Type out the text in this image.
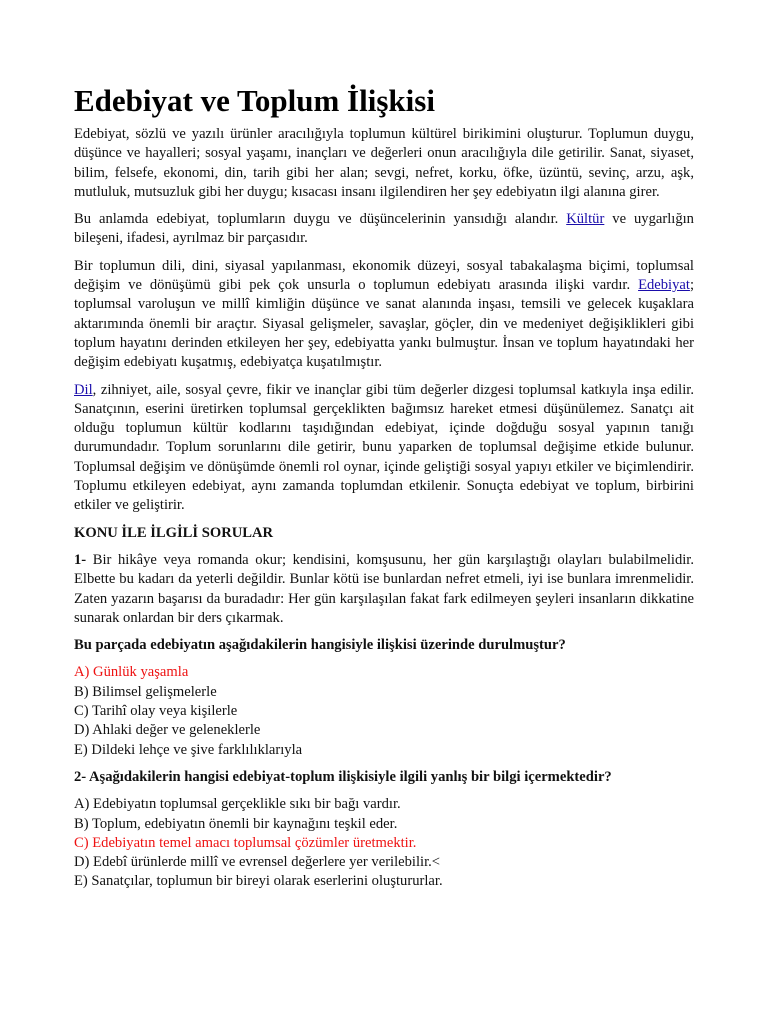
Edebiyat ve Toplum İlişkisi

Edebiyat, sözlü ve yazılı ürünler aracılığıyla toplumun kültürel birikimini oluşturur. Toplumun duygu, düşünce ve hayalleri; sosyal yaşamı, inançları ve değerleri onun aracılığıyla dile getirilir. Sanat, siyaset, bilim, felsefe, ekonomi, din, tarih gibi her alan; sevgi, nefret, korku, öfke, üzüntü, sevinç, arzu, aşk, mutluluk, mutsuzluk gibi her duygu; kısacası insanı ilgilendiren her şey edebiyatın ilgi alanına girer.

Bu anlamda edebiyat, toplumların duygu ve düşüncelerinin yansıdığı alandır. Kültür ve uygarlığın bileşeni, ifadesi, ayrılmaz bir parçasıdır.

Bir toplumun dili, dini, siyasal yapılanması, ekonomik düzeyi, sosyal tabakalaşma biçimi, toplumsal değişim ve dönüşümü gibi pek çok unsurla o toplumun edebiyatı arasında ilişki vardır. Edebiyat; toplumsal varoluşun ve millî kimliğin düşünce ve sanat alanında inşası, temsili ve gelecek kuşaklara aktarımında önemli bir araçtır. Siyasal gelişmeler, savaşlar, göçler, din ve medeniyet değişiklikleri gibi toplum hayatını derinden etkileyen her şey, edebiyatta yankı bulmuştur. İnsan ve toplum hayatındaki her değişim edebiyatı kuşatmış, edebiyatça kuşatılmıştır.

Dil, zihniyet, aile, sosyal çevre, fikir ve inançlar gibi tüm değerler dizgesi toplumsal katkıyla inşa edilir. Sanatçının, eserini üretirken toplumsal gerçeklikten bağımsız hareket etmesi düşünülemez. Sanatçı ait olduğu toplumun kültür kodlarını taşıdığından edebiyat, içinde doğduğu sosyal yapının tanığı durumundadır. Toplum sorunlarını dile getirir, bunu yaparken de toplumsal değişime etkide bulunur. Toplumsal değişim ve dönüşümde önemli rol oynar, içinde geliştiği sosyal yapıyı etkiler ve biçimlendirir. Toplumu etkileyen edebiyat, aynı zamanda toplumdan etkilenir. Sonuçta edebiyat ve toplum, birbirini etkiler ve geliştirir.

KONU İLE İLGİLİ SORULAR

1- Bir hikâye veya romanda okur; kendisini, komşusunu, her gün karşılaştığı olayları bulabilmelidir. Elbette bu kadarı da yeterli değildir. Bunlar kötü ise bunlardan nefret etmeli, iyi ise bunlara imrenmelidir. Zaten yazarın başarısı da buradadır: Her gün karşılaşılan fakat fark edilmeyen şeyleri insanların dikkatine sunarak onlardan bir ders çıkarmak.

Bu parçada edebiyatın aşağıdakilerin hangisiyle ilişkisi üzerinde durulmuştur?

A) Günlük yaşamla
B) Bilimsel gelişmelerle
C) Tarihî olay veya kişilerle
D) Ahlaki değer ve geleneklerle
E) Dildeki lehçe ve şive farklılıklarıyla

2- Aşağıdakilerin hangisi edebiyat-toplum ilişkisiyle ilgili yanlış bir bilgi içermektedir?

A) Edebiyatın toplumsal gerçeklikle sıkı bir bağı vardır.
B) Toplum, edebiyatın önemli bir kaynağını teşkil eder.
C) Edebiyatın temel amacı toplumsal çözümler üretmektir.
D) Edebî ürünlerde millî ve evrensel değerlere yer verilebilir.<
E) Sanatçılar, toplumun bir bireyi olarak eserlerini oluştururlar.
